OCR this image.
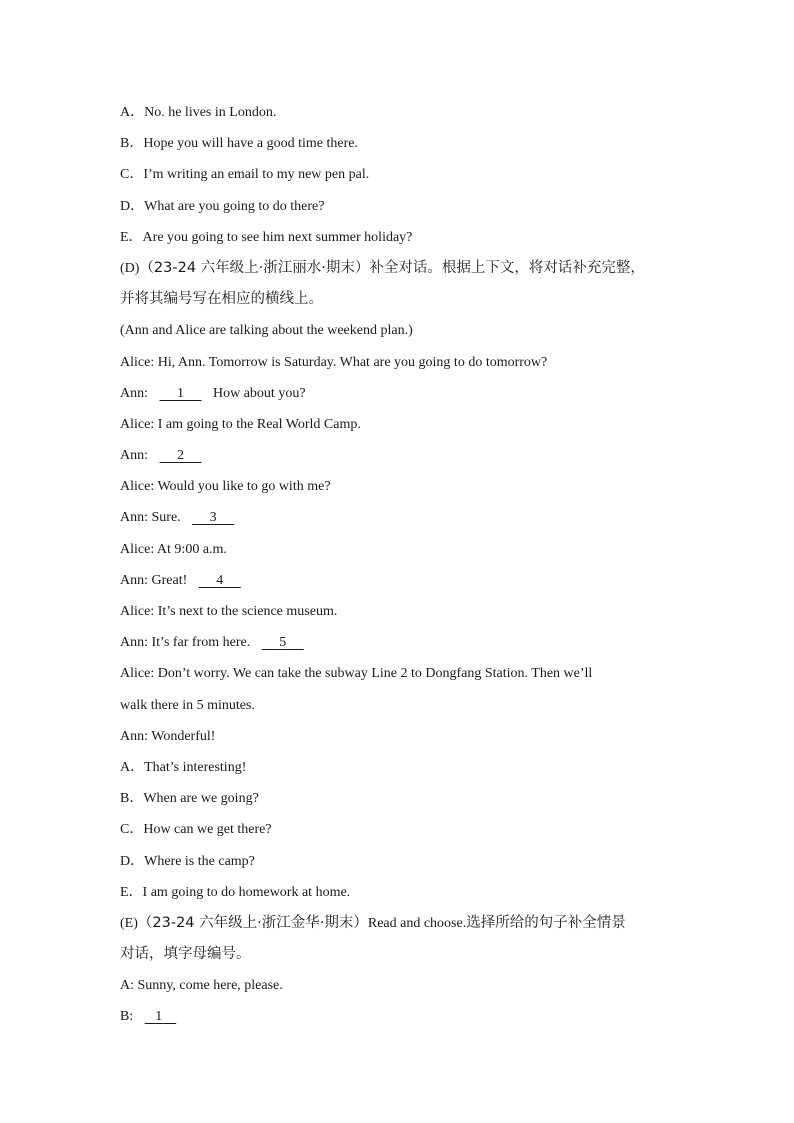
A．No. he lives in London.
B．Hope you will have a good time there.
C．I’m writing an email to my new pen pal.
D．What are you going to do there?
E．Are you going to see him next summer holiday?
(D)（23-24 六年级上·浙江丽水·期末）补全对话。根据上下文，将对话补充完整，
并将其编号写在相应的横线上。
(Ann and Alice are talking about the weekend plan.)
Alice: Hi, Ann. Tomorrow is Saturday. What are you going to do tomorrow?
Ann: 1 How about you?
Alice: I am going to the Real World Camp.
Ann: 2
Alice: Would you like to go with me?
Ann: Sure. 3
Alice: At 9:00 a.m.
Ann: Great! 4
Alice: It’s next to the science museum.
Ann: It’s far from here. 5
Alice: Don’t worry. We can take the subway Line 2 to Dongfang Station. Then we’ll
walk there in 5 minutes.
Ann: Wonderful!
A．That’s interesting!
B．When are we going?
C．How can we get there?
D．Where is the camp?
E．I am going to do homework at home.
(E)（23-24 六年级上·浙江金华·期末）Read and choose.选择所给的句子补全情景
对话，填字母编号。
A: Sunny, come here, please.
B: 1
